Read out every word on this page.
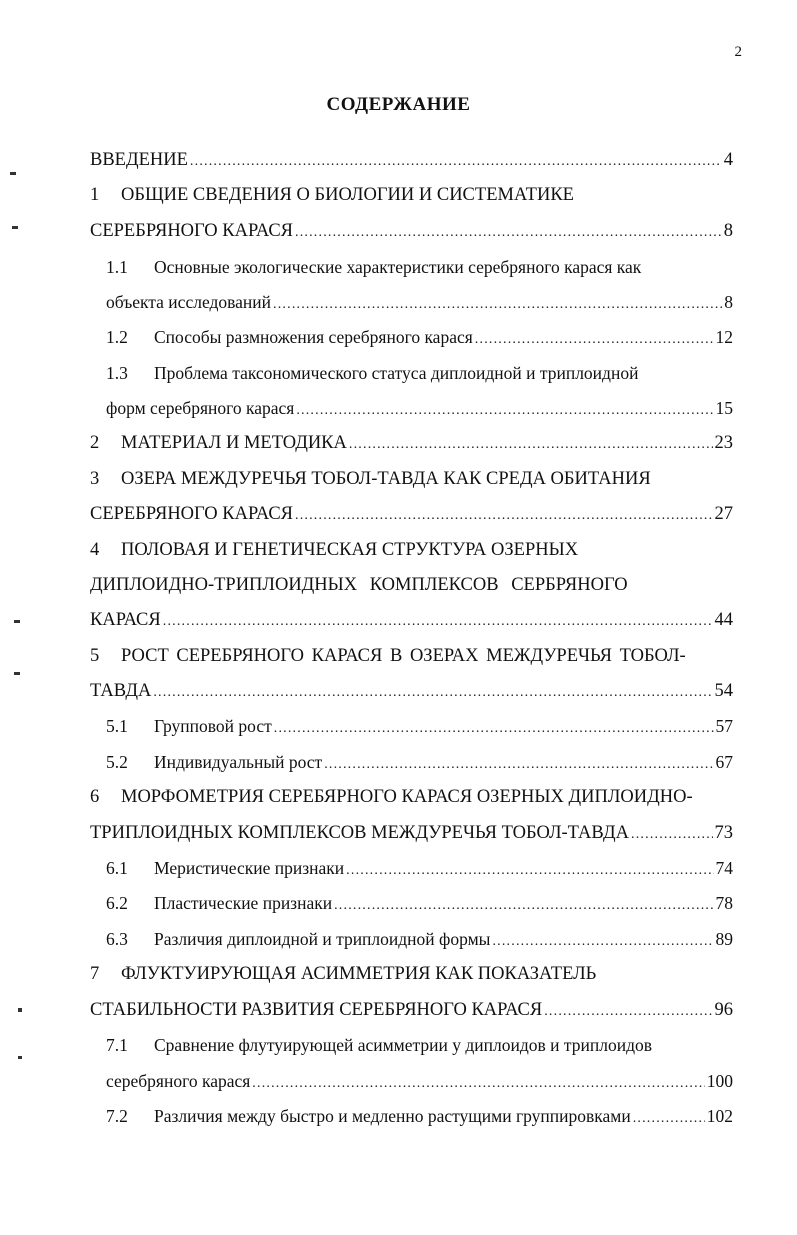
2
СОДЕРЖАНИЕ
ВВЕДЕНИЕ .....	4
1	ОБЩИЕ СВЕДЕНИЯ О БИОЛОГИИ И СИСТЕМАТИКЕ
СЕРЕБРЯНОГО КАРАСЯ .....	8
1.1	Основные экологические характеристики серебряного карася как
объекта исследований .....	8
1.2	Способы размножения серебряного карася .....	12
1.3	Проблема таксономического статуса диплоидной и триплоидной
форм серебряного карася .....	15
2	МАТЕРИАЛ И МЕТОДИКА .....	23
3	ОЗЕРА МЕЖДУРЕЧЬЯ ТОБОЛ-ТАВДА КАК СРЕДА ОБИТАНИЯ
СЕРЕБРЯНОГО КАРАСЯ .....	27
4	ПОЛОВАЯ И ГЕНЕТИЧЕСКАЯ СТРУКТУРА ОЗЕРНЫХ
ДИПЛОИДНО-ТРИПЛОИДНЫХ КОМПЛЕКСОВ СЕРБРЯНОГО
КАРАСЯ .....	44
5	РОСТ СЕРЕБРЯНОГО КАРАСЯ В ОЗЕРАХ МЕЖДУРЕЧЬЯ ТОБОЛ-
ТАВДА .....	54
5.1	Групповой рост .....	57
5.2	Индивидуальный рост .....	67
6	МОРФОМЕТРИЯ СЕРЕБЯРНОГО КАРАСЯ ОЗЕРНЫХ ДИПЛОИДНО-
ТРИПЛОИДНЫХ КОМПЛЕКСОВ МЕЖДУРЕЧЬЯ ТОБОЛ-ТАВДА .....	73
6.1	Меристические признаки .....	74
6.2	Пластические признаки .....	78
6.3	Различия диплоидной и триплоидной формы .....	89
7	ФЛУКТУИРУЮЩАЯ АСИММЕТРИЯ КАК ПОКАЗАТЕЛЬ
СТАБИЛЬНОСТИ РАЗВИТИЯ СЕРЕБРЯНОГО КАРАСЯ .....	96
7.1	Сравнение флутуирующей асимметрии у диплоидов и триплоидов
серебряного карася .....	100
7.2	Различия между быстро и медленно растущими группировками .....	102
